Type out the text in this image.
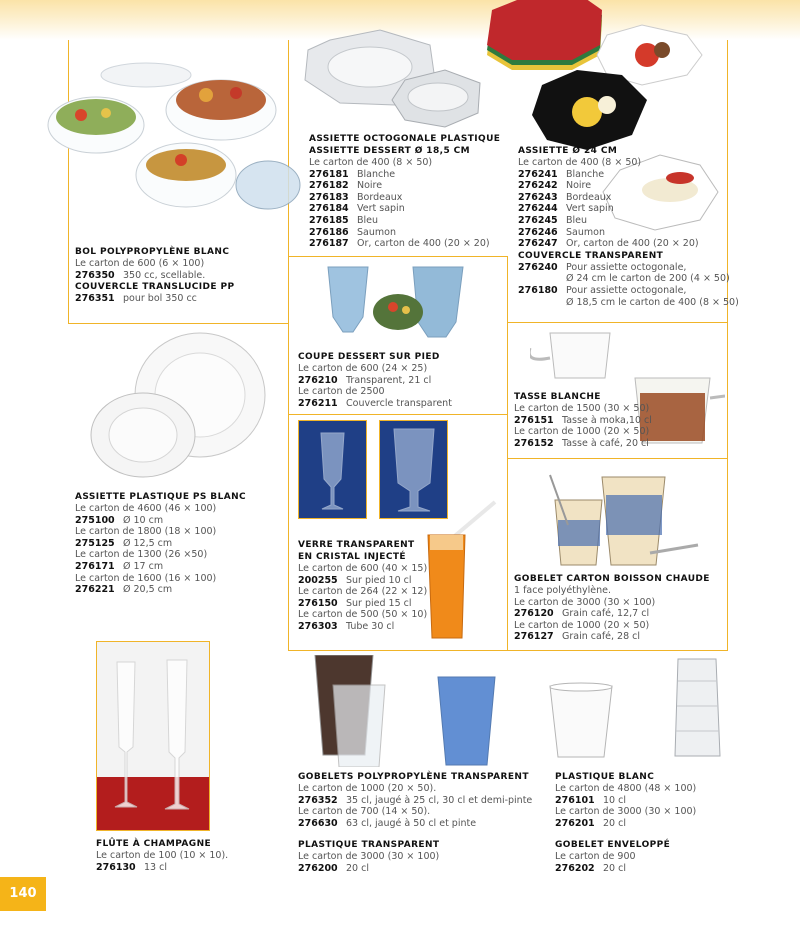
BOL POLYPROPYLÈNE BLANC
Le carton de 600 (6 × 100)
276350 350 cc, scellable.
COUVERCLE TRANSLUCIDE PP
276351 pour bol 350 cc
ASSIETTE OCTOGONALE PLASTIQUE
ASSIETTE DESSERT Ø 18,5 CM
Le carton de 400 (8 × 50)
276181 Blanche
276182 Noire
276183 Bordeaux
276184 Vert sapin
276185 Bleu
276186 Saumon
276187 Or, carton de 400 (20 × 20)
ASSIETTE Ø 24 CM
Le carton de 400 (8 × 50)
276241 Blanche
276242 Noire
276243 Bordeaux
276244 Vert sapin
276245 Bleu
276246 Saumon
276247 Or, carton de 400 (20 × 20)
COUVERCLE TRANSPARENT
276240 Pour assiette octogonale,
Ø 24 cm le carton de 200 (4 × 50)
276180 Pour assiette octogonale,
Ø 18,5 cm le carton de 400 (8 × 50)
COUPE DESSERT SUR PIED
Le carton de 600 (24 × 25)
276210 Transparent, 21 cl
Le carton de 2500
276211 Couvercle transparent
TASSE BLANCHE
Le carton de 1500 (30 × 50)
276151 Tasse à moka,10 cl
Le carton de 1000 (20 × 50)
276152 Tasse à café, 20 cl
ASSIETTE PLASTIQUE PS BLANC
Le carton de 4600 (46 × 100)
275100 Ø 10 cm
Le carton de 1800 (18 × 100)
275125 Ø 12,5 cm
Le carton de 1300 (26 ×50)
276171 Ø 17 cm
Le carton de 1600 (16 × 100)
276221 Ø 20,5 cm
VERRE TRANSPARENT
EN CRISTAL INJECTÉ
Le carton de 600 (40 × 15)
200255 Sur pied 10 cl
Le carton de 264 (22 × 12)
276150 Sur pied 15 cl
Le carton de 500 (50 × 10)
276303 Tube 30 cl
GOBELET CARTON BOISSON CHAUDE
1 face polyéthylène.
Le carton de 3000 (30 × 100)
276120 Grain café, 12,7 cl
Le carton de 1000 (20 × 50)
276127 Grain café, 28 cl
FLÛTE À CHAMPAGNE
Le carton de 100 (10 × 10).
276130 13 cl
GOBELETS POLYPROPYLÈNE TRANSPARENT
Le carton de 1000 (20 × 50).
276352 35 cl, jaugé à 25 cl, 30 cl et demi-pinte
Le carton de 700 (14 × 50).
276630 63 cl, jaugé à 50 cl et pinte
PLASTIQUE TRANSPARENT
Le carton de 3000 (30 × 100)
276200 20 cl
PLASTIQUE BLANC
Le carton de 4800 (48 × 100)
276101 10 cl
Le carton de 3000 (30 × 100)
276201 20 cl
GOBELET ENVELOPPÉ
Le carton de 900
276202 20 cl
140
